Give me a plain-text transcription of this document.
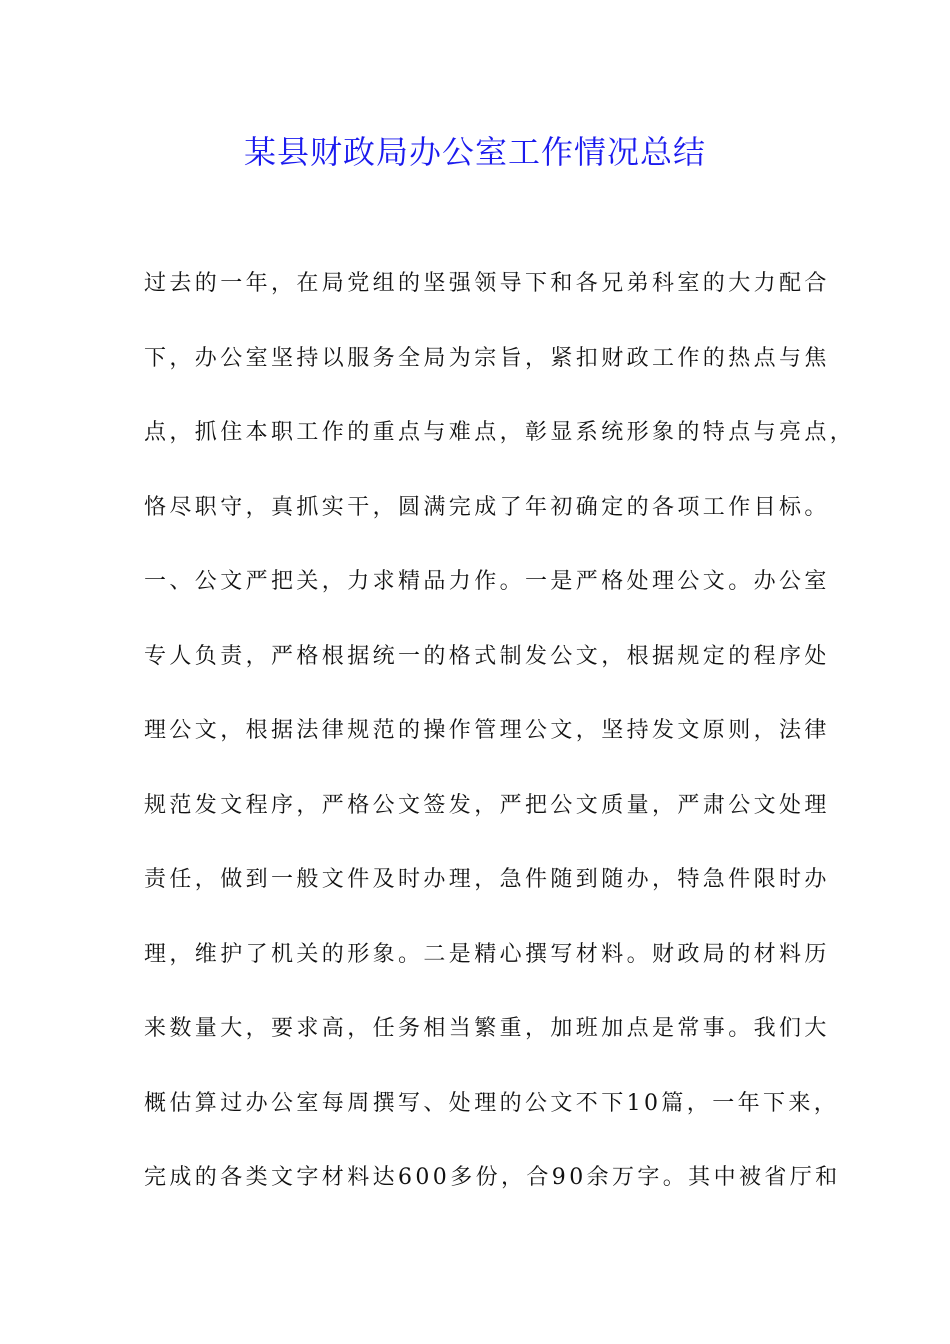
某县财政局办公室工作情况总结
过去的一年，在局党组的坚强领导下和各兄弟科室的大力配合
下，办公室坚持以服务全局为宗旨，紧扣财政工作的热点与焦
点，抓住本职工作的重点与难点，彰显系统形象的特点与亮点，
恪尽职守，真抓实干，圆满完成了年初确定的各项工作目标。
一、公文严把关，力求精品力作。一是严格处理公文。办公室
专人负责，严格根据统一的格式制发公文，根据规定的程序处
理公文，根据法律规范的操作管理公文，坚持发文原则，法律
规范发文程序，严格公文签发，严把公文质量，严肃公文处理
责任，做到一般文件及时办理，急件随到随办，特急件限时办
理，维护了机关的形象。二是精心撰写材料。财政局的材料历
来数量大，要求高，任务相当繁重，加班加点是常事。我们大
概估算过办公室每周撰写、处理的公文不下10篇，一年下来，
完成的各类文字材料达600多份，合90余万字。其中被省厅和
